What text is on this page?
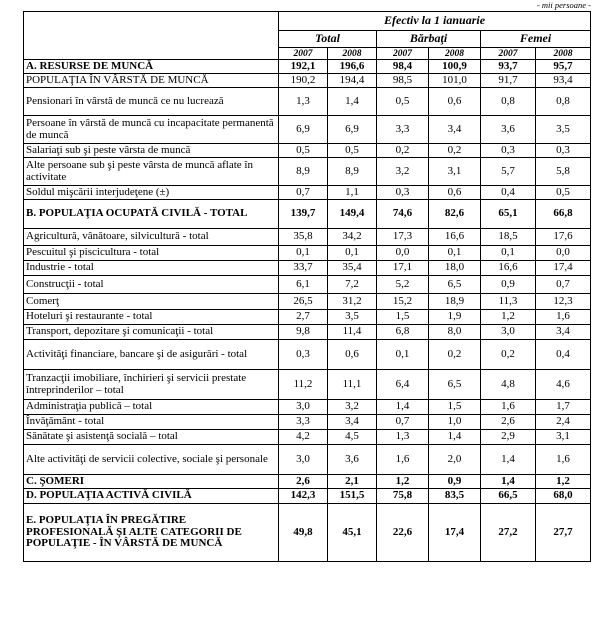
- mii persoane -
	Efectiv la 1 ianuarie					
	Total		Bărbaţi		Femei	
	2007	2008	2007	2008	2007	2008
A. RESURSE DE MUNCĂ	192,1	196,6	98,4	100,9	93,7	95,7
POPULAŢIA ÎN VÂRSTĂ DE MUNCĂ	190,2	194,4	98,5	101,0	91,7	93,4
Pensionari în vârstă de muncă ce nu lucrează	1,3	1,4	0,5	0,6	0,8	0,8
Persoane în vârstă de muncă cu incapacitate permanentă de muncă	6,9	6,9	3,3	3,4	3,6	3,5
Salariaţi sub şi peste vârsta de muncă	0,5	0,5	0,2	0,2	0,3	0,3
Alte persoane sub şi peste vârsta de muncă aflate în activitate	8,9	8,9	3,2	3,1	5,7	5,8
Soldul mişcării interjudeţene (±)	0,7	1,1	0,3	0,6	0,4	0,5
B. POPULAŢIA OCUPATĂ CIVILĂ - TOTAL	139,7	149,4	74,6	82,6	65,1	66,8
Agricultură, vânătoare, silvicultură - total	35,8	34,2	17,3	16,6	18,5	17,6
Pescuitul şi piscicultura - total	0,1	0,1	0,0	0,1	0,1	0,0
Industrie - total	33,7	35,4	17,1	18,0	16,6	17,4
Construcţii - total	6,1	7,2	5,2	6,5	0,9	0,7
Comerţ	26,5	31,2	15,2	18,9	11,3	12,3
Hoteluri şi restaurante - total	2,7	3,5	1,5	1,9	1,2	1,6
Transport, depozitare şi comunicaţii - total	9,8	11,4	6,8	8,0	3,0	3,4
Activităţi financiare, bancare şi de asigurări - total	0,3	0,6	0,1	0,2	0,2	0,4
Tranzacţii imobiliare, închirieri şi servicii prestate întreprinderilor – total	11,2	11,1	6,4	6,5	4,8	4,6
Administraţia publică – total	3,0	3,2	1,4	1,5	1,6	1,7
Învăţământ - total	3,3	3,4	0,7	1,0	2,6	2,4
Sănătate şi asistenţă socială – total	4,2	4,5	1,3	1,4	2,9	3,1
Alte activităţi de servicii colective, sociale şi personale	3,0	3,6	1,6	2,0	1,4	1,6
C. ŞOMERI	2,6	2,1	1,2	0,9	1,4	1,2
D. POPULAŢIA ACTIVĂ CIVILĂ	142,3	151,5	75,8	83,5	66,5	68,0
E. POPULAŢIA ÎN PREGĂTIRE PROFESIONALĂ ŞI ALTE CATEGORII DE POPULAŢIE - ÎN VÂRSTĂ DE MUNCĂ	49,8	45,1	22,6	17,4	27,2	27,7
